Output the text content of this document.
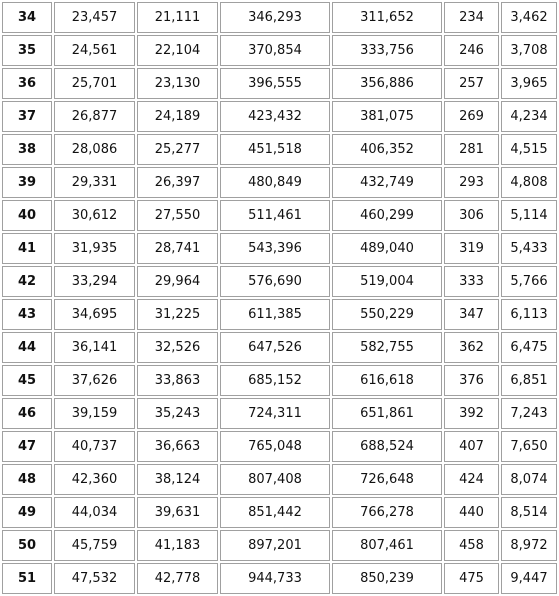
34	23,457	21,111	346,293	311,652	234	3,462
35	24,561	22,104	370,854	333,756	246	3,708
36	25,701	23,130	396,555	356,886	257	3,965
37	26,877	24,189	423,432	381,075	269	4,234
38	28,086	25,277	451,518	406,352	281	4,515
39	29,331	26,397	480,849	432,749	293	4,808
40	30,612	27,550	511,461	460,299	306	5,114
41	31,935	28,741	543,396	489,040	319	5,433
42	33,294	29,964	576,690	519,004	333	5,766
43	34,695	31,225	611,385	550,229	347	6,113
44	36,141	32,526	647,526	582,755	362	6,475
45	37,626	33,863	685,152	616,618	376	6,851
46	39,159	35,243	724,311	651,861	392	7,243
47	40,737	36,663	765,048	688,524	407	7,650
48	42,360	38,124	807,408	726,648	424	8,074
49	44,034	39,631	851,442	766,278	440	8,514
50	45,759	41,183	897,201	807,461	458	8,972
51	47,532	42,778	944,733	850,239	475	9,447
